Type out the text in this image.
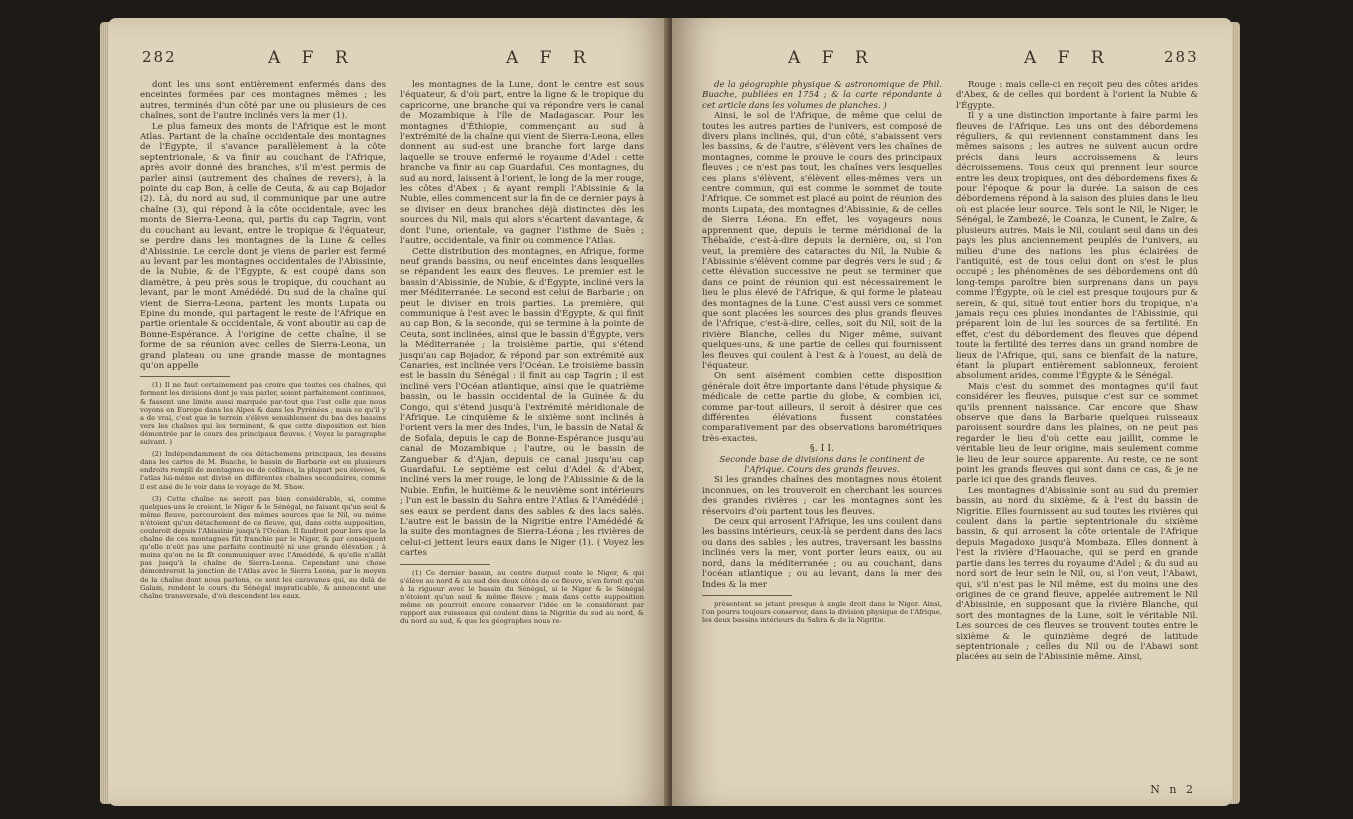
282	A F R	A F R

dont les uns sont entièrement enfermés dans des enceintes formées par ces montagnes mêmes ; les autres, terminés d'un côté par une ou plusieurs de ces chaînes, sont de l'autre inclinés vers la mer (1).

Le plus fameux des monts de l'Afrique est le mont Atlas. Partant de la chaîne occidentale des montagnes de l'Égypte, il s'avance parallèlement à la côte septentrionale, & va finir au couchant de l'Afrique, après avoir donné des branches, s'il m'est permis de parler ainsi (autrement des chaînes de revers), à la pointe du cap Bon, à celle de Ceuta, & au cap Bojador (2). Là, du nord au sud, il communique par une autre chaîne (3), qui répond à la côte occidentale, avec les monts de Sierra-Leona, qui, partis du cap Tagrin, vont du couchant au levant, entre le tropique & l'équateur, se perdre dans les montagnes de la Lune & celles d'Abissinie. Le cercle dont je viens de parler est fermé au levant par les montagnes occidentales de l'Abissinie, de la Nubie, & de l'Égypte, & est coupé dans son diamètre, à peu près sous le tropique, du couchant au levant, par le mont Amédédé. Du sud de la chaîne qui vient de Sierra-Leona, partent les monts Lupata ou Epine du monde, qui partagent le reste de l'Afrique en partie orientale & occidentale, & vont aboutir au cap de Bonne-Espérance. À l'origine de cette chaîne, il se forme de sa réunion avec celles de Sierra-Leona, un grand plateau ou une grande masse de montagnes qu'on appelle

(1) Il ne faut certainement pas croire que toutes ces chaînes, qui forment les divisions dont je vais parler, soient parfaitement continues, & fassent une limite aussi marquée par-tout que l'est celle que nous voyons en Europe dans les Alpes & dans les Pyrénées ; mais ce qu'il y a de vrai, c'est que le terrein s'élève sensiblement du bas des bassins vers les chaînes qui les terminent, & que cette disposition est bien démontrée par le cours des principaux fleuves. ( Voyez le paragraphe suivant. )

(2) Indépendamment de ces détachemens principaux, les dessins dans les cartes de M. Buache, le bassin de Barbarie est en plusieurs endroits rempli de montagnes ou de collines, la plupart peu élevées, & l'atlas lui-même est divisé en différentes chaînes secondaires, comme il est aisé de le voir dans le voyage de M. Shaw.

(3) Cette chaîne ne seroit pas bien considérable, si, comme quelques-uns le croient, le Niger & le Sénégal, ne faisant qu'un seul & même fleuve, parcouroient des mêmes sources que le Nil, ou même n'étoient qu'un détachement de ce fleuve, qui, dans cette supposition, couleroit depuis l'Abissinie jusqu'à l'Océan. Il faudroit pour lors que la chaîne de ces montagnes fût franchie par le Niger, & par conséquent qu'elle n'eût pas une parfaite continuité ni une grande élévation ; à moins qu'on ne la fît communiquer avec l'Amédédé, & qu'elle n'allât pas jusqu'à la chaîne de Sierra-Leona. Cependant une chose démontreroit la jonction de l'Atlas avec le Sierra Leona, par le moyen de la chaîne dont nous parlons, ce sont les caravanes qui, au delà de Galam, rendent le cours du Sénégal impraticable, & annoncent une chaîne transversale, d'où descendent les eaux.

les montagnes de la Lune, dont le centre est sous l'équateur, & d'où part, entre la ligne & le tropique du capricorne, une branche qui va répondre vers le canal de Mozambique à l'île de Madagascar. Pour les montagnes d'Éthiopie, commençant au sud à l'extrémité de la chaîne qui vient de Sierra-Leona, elles donnent au sud-est une branche fort large dans laquelle se trouve enfermé le royaume d'Adel : cette branche va finir au cap Guardafui. Ces montagnes, du sud au nord, laissent à l'orient, le long de la mer rouge, les côtes d'Abex ; & ayant rempli l'Abissinie & la Nubie, elles commencent sur la fin de ce dernier pays à se diviser en deux branches déjà distinctes dès les sources du Nil, mais qui alors s'écartent davantage, & dont l'une, orientale, va gagner l'isthme de Suès ; l'autre, occidentale, va finir ou commence l'Atlas.

Cette distribution des montagnes, en Afrique, forme neuf grands bassins, ou neuf enceintes dans lesquelles se répandent les eaux des fleuves. Le premier est le bassin d'Abissinie, de Nubie, & d'Égypte, incliné vers la mer Méditerranée. Le second est celui de Barbarie ; on peut le diviser en trois parties. La première, qui communique à l'est avec le bassin d'Égypte, & qui finit au cap Bon, & la seconde, qui se termine à la pointe de Ceuta, sont inclinées, ainsi que le bassin d'Égypte, vers la Méditerranée ; la troisième partie, qui s'étend jusqu'au cap Bojador, & répond par son extrémité aux Canaries, est inclinée vers l'Océan. Le troisième bassin est le bassin du Sénégal : il finit au cap Tagrin ; il est incliné vers l'Océan atlantique, ainsi que le quatrième bassin, ou le bassin occidental de la Guinée & du Congo, qui s'étend jusqu'à l'extrémité méridionale de l'Afrique. Le cinquième & le sixième sont inclinés à l'orient vers la mer des Indes, l'un, le bassin de Natal & de Sofala, depuis le cap de Bonne-Espérance jusqu'au canal de Mozambique ; l'autre, ou le bassin de Zanguebar & d'Ajan, depuis ce canal jusqu'au cap Guardafui. Le septième est celui d'Adel & d'Abex, incliné vers la mer rouge, le long de l'Abissinie & de la Nubie. Enfin, le huitième & le neuvième sont intérieurs ; l'un est le bassin du Sahra entre l'Atlas & l'Amédédé ; ses eaux se perdent dans des sables & des lacs salés. L'autre est le bassin de la Nigritie entre l'Amédédé & la suite des montagnes de Sierra-Léona ; les rivières de celui-ci jettent leurs eaux dans le Niger (1). ( Voyez les cartes

(1) Ce dernier bassin, au centre duquel coule le Niger, & qui s'élève au nord & au sud des deux côtés de ce fleuve, n'en feroit qu'un à la rigueur avec le bassin du Sénégal, si le Niger & le Sénégal n'étoient qu'un seul & même fleuve ; mais dans cette supposition même on pourroit encore conserver l'idée en le considérant par rapport aux ruisseaux qui coulent dans la Nigritie du sud au nord, & du nord au sud, & que les géographes nous re-

A F R	A F R	283

de la géographie physique & astronomique de Phil. Buache, publiées en 1754 ; & la carte répondante à cet article dans les volumes de planches. )

Ainsi, le sol de l'Afrique, de même que celui de toutes les autres parties de l'univers, est composé de divers plans inclinés, qui, d'un côté, s'abaissent vers les bassins, & de l'autre, s'élèvent vers les chaînes de montagnes, comme le prouve le cours des principaux fleuves ; ce n'est pas tout, les chaînes vers lesquelles ces plans s'élèvent, s'élèvent elles-mêmes vers un centre commun, qui est comme le sommet de toute l'Afrique. Ce sommet est placé au point de réunion des monts Lupata, des montagnes d'Abissinie, & de celles de Sierra Léona. En effet, les voyageurs nous apprennent que, depuis le terme méridional de la Thébaïde, c'est-à-dire depuis la dernière, ou, si l'on veut, la première des cataractes du Nil, la Nubie & l'Abissinie s'élèvent comme par degrés vers le sud ; & cette élévation successive ne peut se terminer que dans ce point de réunion qui est nécessairement le lieu le plus élevé de l'Afrique, & qui forme le plateau des montagnes de la Lune. C'est aussi vers ce sommet que sont placées les sources des plus grands fleuves de l'Afrique, c'est-à-dire, celles, soit du Nil, soit de la rivière Blanche, celles du Niger même, suivant quelques-uns, & une partie de celles qui fournissent les fleuves qui coulent à l'est & à l'ouest, au delà de l'équateur.

On sent aisément combien cette disposition générale doit être importante dans l'étude physique & médicale de cette partie du globe, & combien ici, comme par-tout ailleurs, il seroit à désirer que ces différentes élévations fussent constatées comparativement par des observations barométriques très-exactes.

§. I I.

Seconde base de divisions dans le continent de l'Afrique. Cours des grands fleuves.

Si les grandes chaînes des montagnes nous étoient inconnues, on les trouveroit en cherchant les sources des grandes rivières ; car les montagnes sont les réservoirs d'où partent tous les fleuves.

De ceux qui arrosent l'Afrique, les uns coulent dans les bassins intérieurs, ceux-là se perdent dans des lacs ou dans des sables ; les autres, traversant les bassins inclinés vers la mer, vont porter leurs eaux, ou au nord, dans la méditerranée ; ou au couchant, dans l'océan atlantique ; ou au levant, dans la mer des Indes & la mer

présentent se jetant presque à angle droit dans le Niger. Ainsi, l'on pourra toujours conserver, dans la division physique de l'Afrique, les deux bassins intérieurs du Sahra & de la Nigritie.

Rouge : mais celle-ci en reçoit peu des côtes arides d'Abex, & de celles qui bordent à l'orient la Nubie & l'Égypte.

Il y a une distinction importante à faire parmi les fleuves de l'Afrique. Les uns ont des débordemens réguliers, & qui reviennent constamment dans les mêmes saisons ; les autres ne suivent aucun ordre précis dans leurs accroissemens & leurs décroissemens. Tous ceux qui prennent leur source entre les deux tropiques, ont des débordemens fixes & pour l'époque & pour la durée. La saison de ces débordemens répond à la saison des pluies dans le lieu où est placée leur source. Tels sont le Nil, le Niger, le Sénégal, le Zambezé, le Coanza, le Cunent, le Zaïre, & plusieurs autres. Mais le Nil, coulant seul dans un des pays les plus anciennement peuplés de l'univers, au milieu d'une des nations les plus éclairées de l'antiquité, est de tous celui dont on s'est le plus occupé ; les phénomènes de ses débordemens ont dû long-temps paroître bien surprenans dans un pays comme l'Égypte, où le ciel est presque toujours pur & serein, & qui, situé tout entier hors du tropique, n'a jamais reçu ces pluies inondantes de l'Abissinie, qui préparent loin de lui les sources de sa fertilité. En effet, c'est du débordement des fleuves que dépend toute la fertilité des terres dans un grand nombre de lieux de l'Afrique, qui, sans ce bienfait de la nature, étant la plupart entièrement sablonneux, feroient absolument arides, comme l'Égypte & le Sénégal.

Mais c'est du sommet des montagnes qu'il faut considérer les fleuves, puisque c'est sur ce sommet qu'ils prennent naissance. Car encore que Shaw observe que dans la Barbarie quelques ruisseaux paroissent sourdre dans les plaines, on ne peut pas regarder le lieu d'où cette eau jaillit, comme le véritable lieu de leur origine, mais seulement comme le lieu de leur source apparente. Au reste, ce ne sont point les grands fleuves qui sont dans ce cas, & je ne parle ici que des grands fleuves.

Les montagnes d'Abissinie sont au sud du premier bassin, au nord du sixième, & à l'est du bassin de Nigritie. Elles fournissent au sud toutes les rivières qui coulent dans la partie septentrionale du sixième bassin, & qui arrosent la côte orientale de l'Afrique depuis Magadoxo jusqu'à Mombaza. Elles donnent à l'est la rivière d'Haouache, qui se perd en grande partie dans les terres du royaume d'Adel ; & du sud au nord sort de leur sein le Nil, ou, si l'on veut, l'Abawi, qui, s'il n'est pas le Nil même, est du moins une des origines de ce grand fleuve, appelée autrement le Nil d'Abissinie, en supposant que la rivière Blanche, qui sort des montagnes de la Lune, soit le véritable Nil. Les sources de ces fleuves se trouvent toutes entre le sixième & le quinzième degré de latitude septentrionale ; celles du Nil ou de l'Abawi sont placées au sein de l'Abissinie même. Ainsi,

N n 2
